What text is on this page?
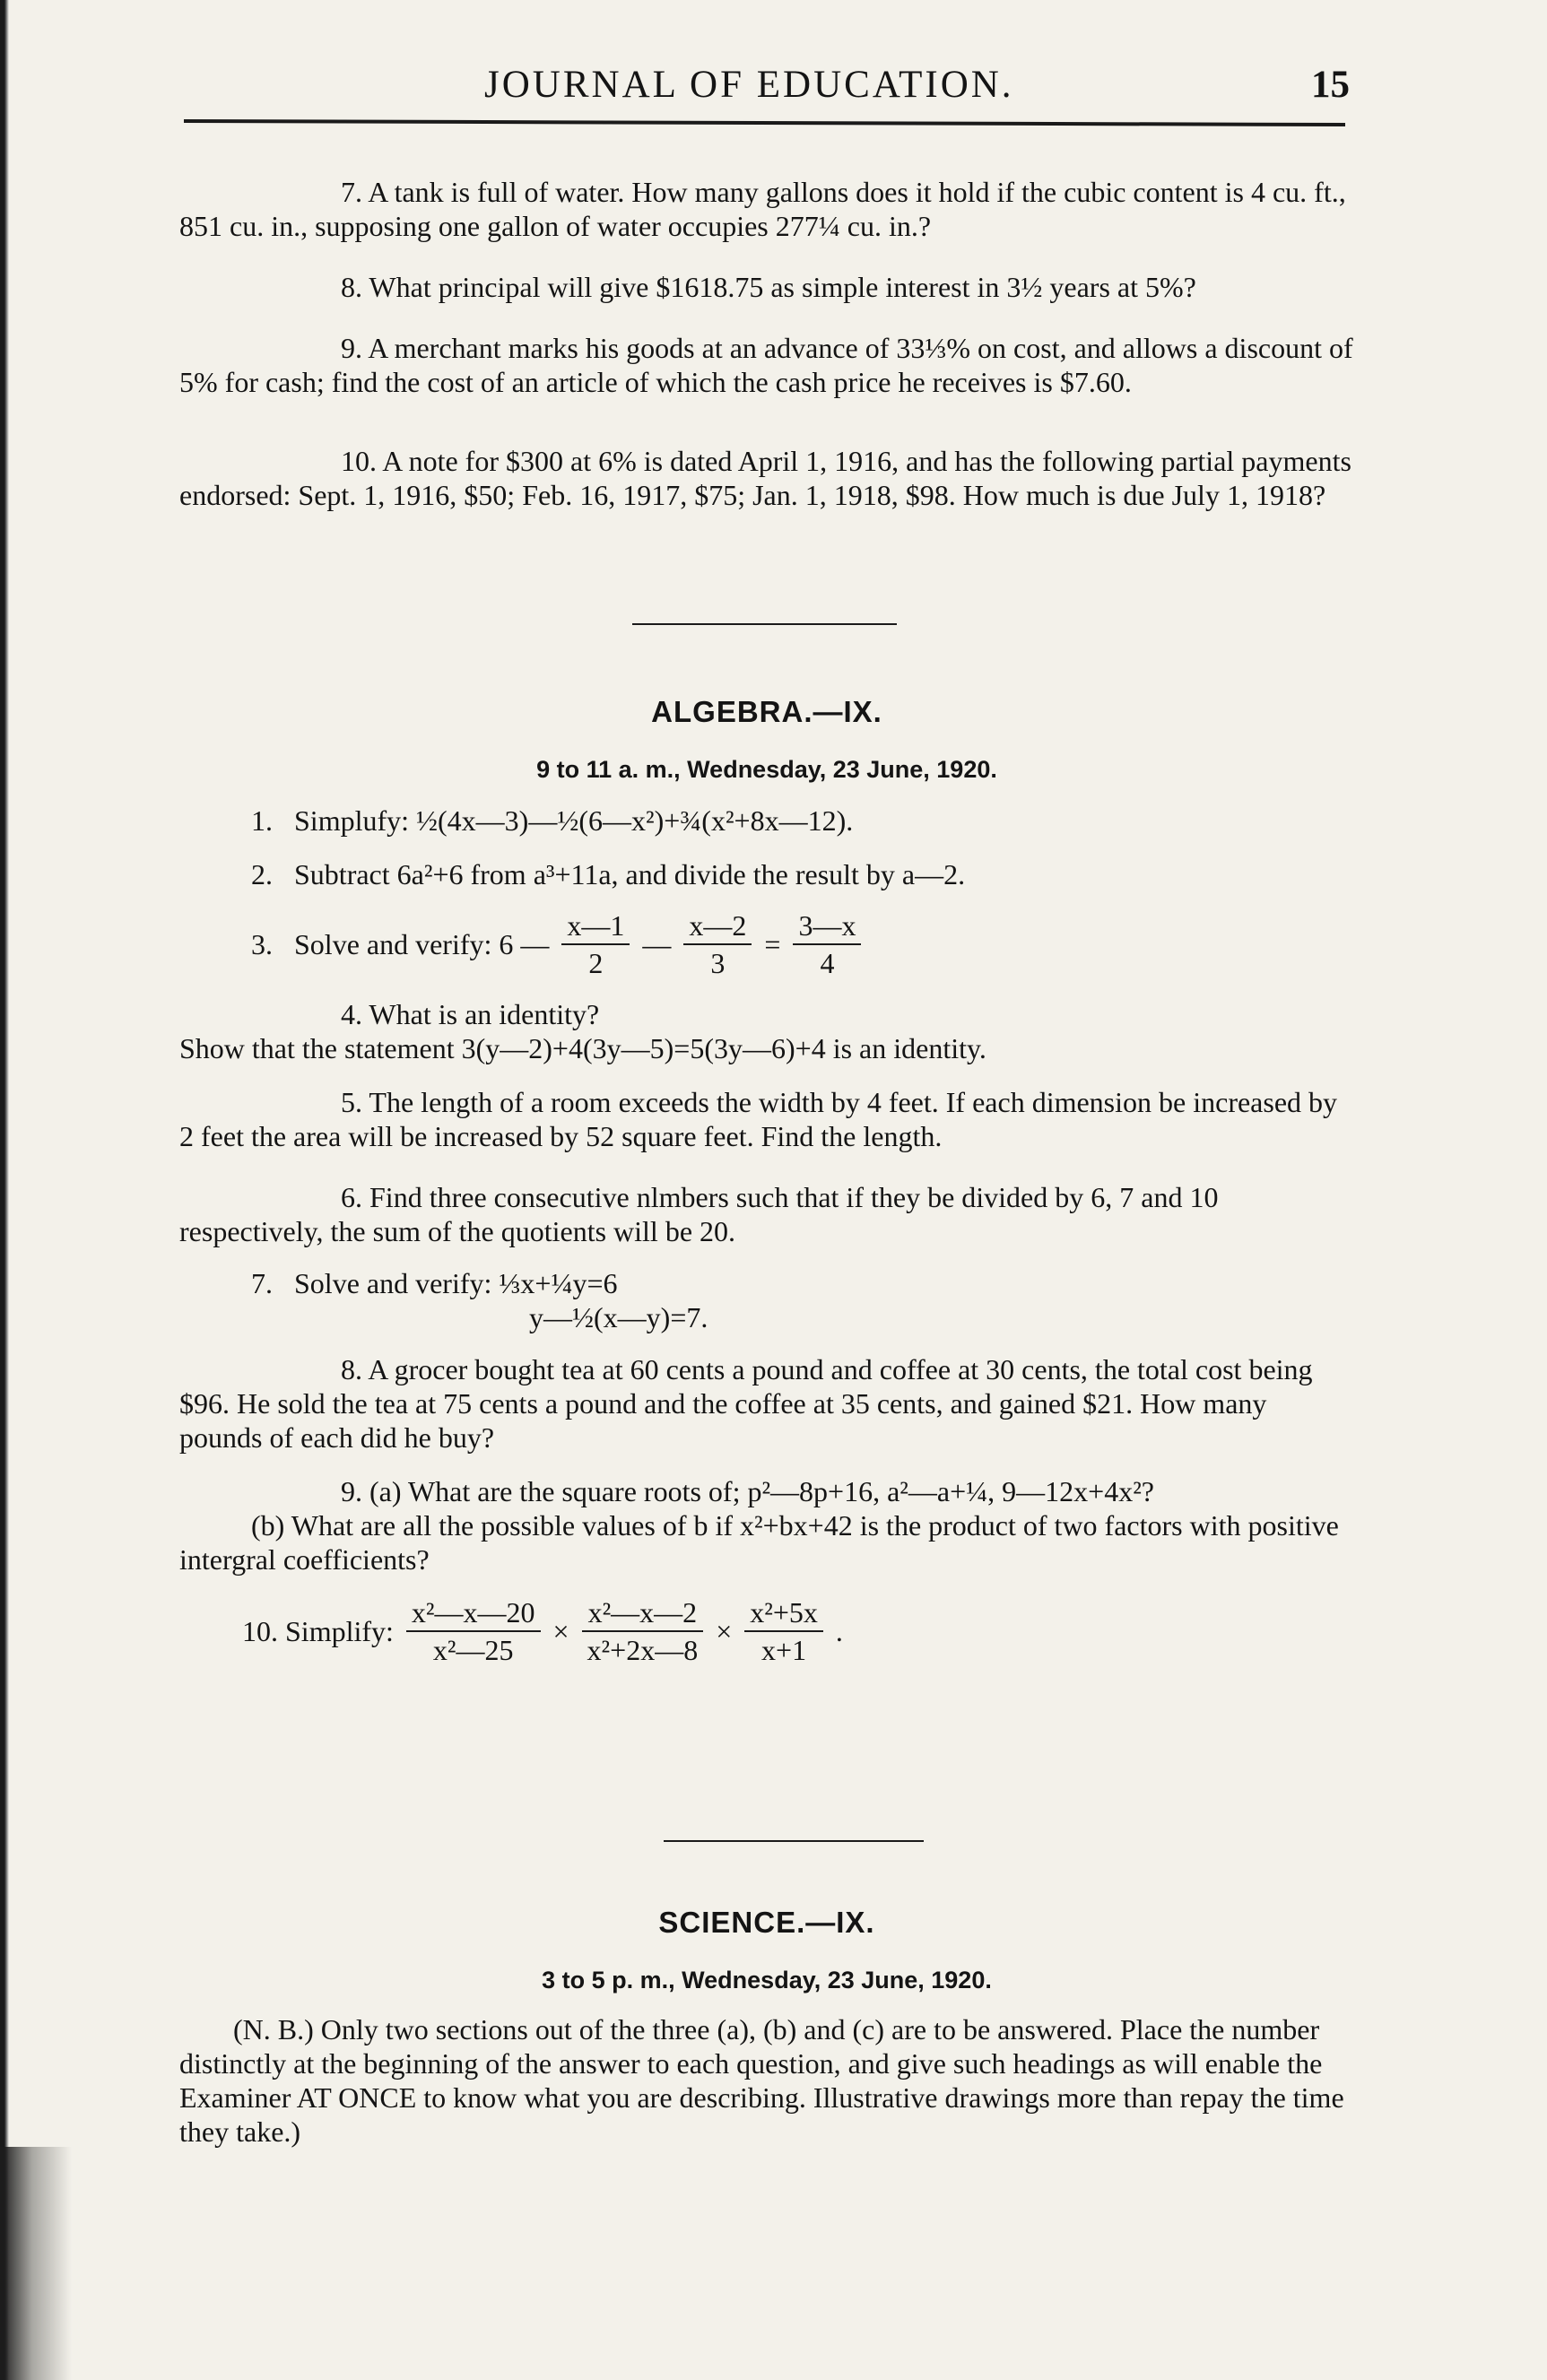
JOURNAL OF EDUCATION.	15

7. A tank is full of water. How many gallons does it hold if the cubic content is 4 cu. ft., 851 cu. in., supposing one gallon of water occupies 277¼ cu. in.?

8. What principal will give $1618.75 as simple interest in 3½ years at 5%?

9. A merchant marks his goods at an advance of 33⅓% on cost, and allows a discount of 5% for cash; find the cost of an article of which the cash price he receives is $7.60.

10. A note for $300 at 6% is dated April 1, 1916, and has the following partial payments endorsed: Sept. 1, 1916, $50; Feb. 16, 1917, $75; Jan. 1, 1918, $98. How much is due July 1, 1918?

ALGEBRA.—IX.

9 to 11 a. m., Wednesday, 23 June, 1920.

1. Simplufy: ½(4x—3)—½(6—x²)+¾(x²+8x—12).

2. Subtract 6a²+6 from a³+11a, and divide the result by a—2.

3. Solve and verify: 6 — $\frac{x—1}{2}$ — $\frac{x—2}{3} = \frac{3—x}{4}$

4. What is an identity?

Show that the statement 3(y—2)+4(3y—5)=5(3y—6)+4 is an identity.

5. The length of a room exceeds the width by 4 feet. If each dimension be increased by 2 feet the area will be increased by 52 square feet. Find the length.

6. Find three consecutive nlmbers such that if they be divided by 6, 7 and 10 respectively, the sum of the quotients will be 20.

7. Solve and verify: ⅓x+¼y=6
y—½(x—y)=7.

8. A grocer bought tea at 60 cents a pound and coffee at 30 cents, the total cost being $96. He sold the tea at 75 cents a pound and the coffee at 35 cents, and gained $21. How many pounds of each did he buy?

9. (a) What are the square roots of; p²—8p+16, a²—a+¼, 9—12x+4x²?

(b) What are all the possible values of b if x²+bx+42 is the product of two factors with positive intergral coefficients?

10. Simplify: $\frac{\text{x²—x—20}}{\text{x²—25}} \times \frac{\text{x²—x—2}}{\text{x²+2x—8}} \times \frac{\text{x²+5x}}{x+1}$ .

SCIENCE.—IX.

3 to 5 p. m., Wednesday, 23 June, 1920.

(N. B.) Only two sections out of the three (a), (b) and (c) are to be answered. Place the number distinctly at the beginning of the answer to each question, and give such headings as will enable the Examiner AT ONCE to know what you are describing. Illustrative drawings more than repay the time they take.)
